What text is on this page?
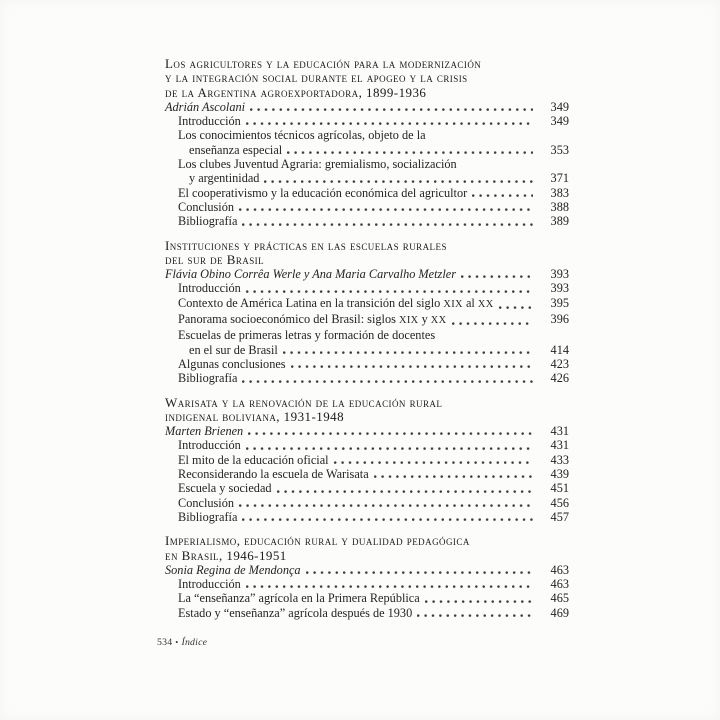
Los agricultores y la educación para la modernización
y la integración social durante el apogeo y la crisis
de la Argentina agroexportadora, 1899-1936
Adrián Ascolani	349
Introducción	349
Los conocimientos técnicos agrícolas, objeto de la
enseñanza especial	353
Los clubes Juventud Agraria: gremialismo, socialización
y argentinidad	371
El cooperativismo y la educación económica del agricultor	383
Conclusión	388
Bibliografía	389
Instituciones y prácticas en las escuelas rurales
del sur de Brasil
Flávia Obino Corrêa Werle y Ana Maria Carvalho Metzler	393
Introducción	393
Contexto de América Latina en la transición del siglo XIX al XX	395
Panorama socioeconómico del Brasil: siglos XIX y XX	396
Escuelas de primeras letras y formación de docentes
en el sur de Brasil	414
Algunas conclusiones	423
Bibliografía	426
Warisata y la renovación de la educación rural
indigenal boliviana, 1931-1948
Marten Brienen	431
Introducción	431
El mito de la educación oficial	433
Reconsiderando la escuela de Warisata	439
Escuela y sociedad	451
Conclusión	456
Bibliografía	457
Imperialismo, educación rural y dualidad pedagógica
en Brasil, 1946-1951
Sonia Regina de Mendonça	463
Introducción	463
La “enseñanza” agrícola en la Primera República	465
Estado y “enseñanza” agrícola después de 1930	469
534 • Índice
